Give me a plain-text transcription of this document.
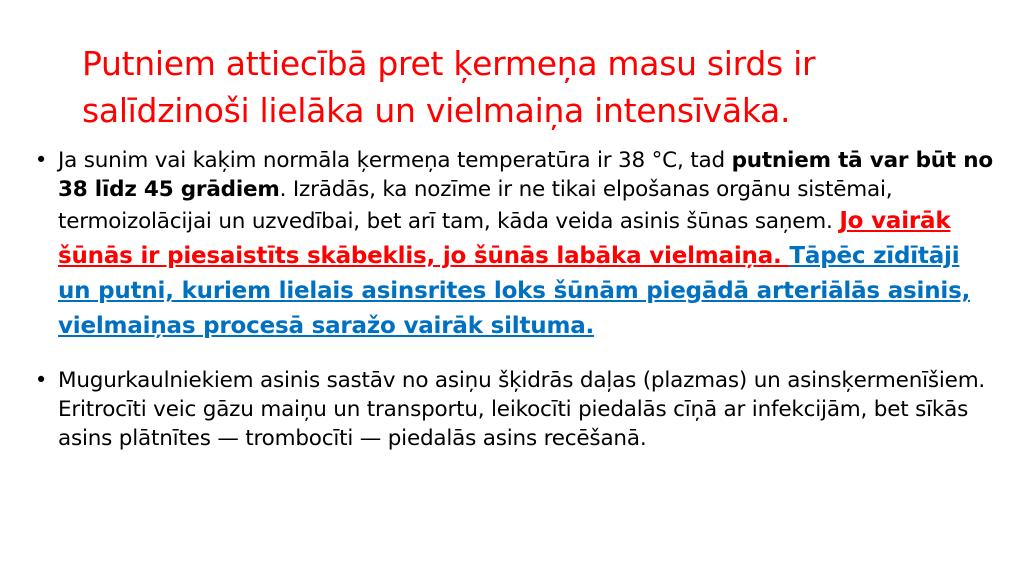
Putniem attiecībā pret ķermeņa masu sirds ir salīdzinoši lielāka un vielmaiņa intensīvāka.
• Ja sunim vai kaķim normāla ķermeņa temperatūra ir 38 °C, tad putniem tā var būt no 38 līdz 45 grādiem. Izrādās, ka nozīme ir ne tikai elpošanas orgānu sistēmai, termoizolācijai un uzvedībai, bet arī tam, kāda veida asinis šūnas saņem. Jo vairāk šūnās ir piesaistīts skābeklis, jo šūnās labāka vielmaiņa. Tāpēc zīdītāji un putni, kuriem lielais asinsrites loks šūnām piegādā arteriālās asinis, vielmaiņas procesā saražo vairāk siltuma.
• Mugurkaulniekiem asinis sastāv no asiņu šķidrās daļas (plazmas) un asinsķermenīšiem. Eritrocīti veic gāzu maiņu un transportu, leikocīti piedalās cīņā ar infekcijām, bet sīkās asins plātnītes — trombocīti — piedalās asins recēšanā.
